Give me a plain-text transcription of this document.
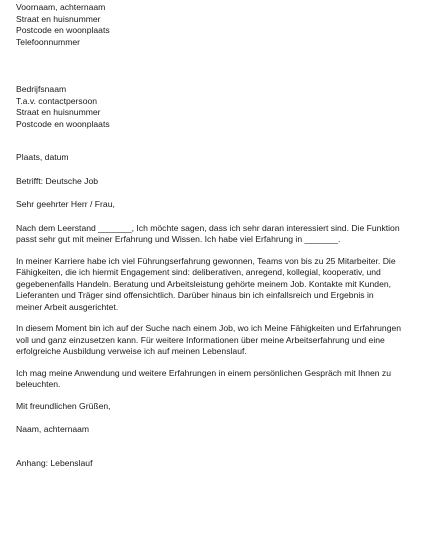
Voornaam, achternaam
Straat en huisnummer
Postcode en woonplaats
Telefoonnummer
Bedrijfsnaam
T.a.v. contactpersoon
Straat en huisnummer
Postcode en woonplaats
Plaats, datum
Betrifft: Deutsche Job
Sehr geehrter Herr / Frau,

Nach dem Leerstand _______, Ich möchte sagen, dass ich sehr daran interessiert sind. Die Funktion
passt sehr gut mit meiner Erfahrung und Wissen. Ich habe viel Erfahrung in _______.

In meiner Karriere habe ich viel Führungserfahrung gewonnen, Teams von bis zu 25 Mitarbeiter. Die
Fähigkeiten, die ich hiermit Engagement sind: deliberativen, anregend, kollegial, kooperativ, und
gegebenenfalls Handeln. Beratung und Arbeitsleistung gehörte meinem Job. Kontakte mit Kunden,
Lieferanten und Träger sind offensichtlich. Darüber hinaus bin ich einfallsreich und Ergebnis in
meiner Arbeit ausgerichtet.

In diesem Moment bin ich auf der Suche nach einem Job, wo ich Meine Fähigkeiten und Erfahrungen
voll und ganz einzusetzen kann. Für weitere Informationen über meine Arbeitserfahrung und eine
erfolgreiche Ausbildung verweise ich auf meinen Lebenslauf.

Ich mag meine Anwendung und weitere Erfahrungen in einem persönlichen Gespräch mit Ihnen zu
beleuchten.

Mit freundlichen Grüßen,
Naam, achternaam
Anhang: Lebenslauf
